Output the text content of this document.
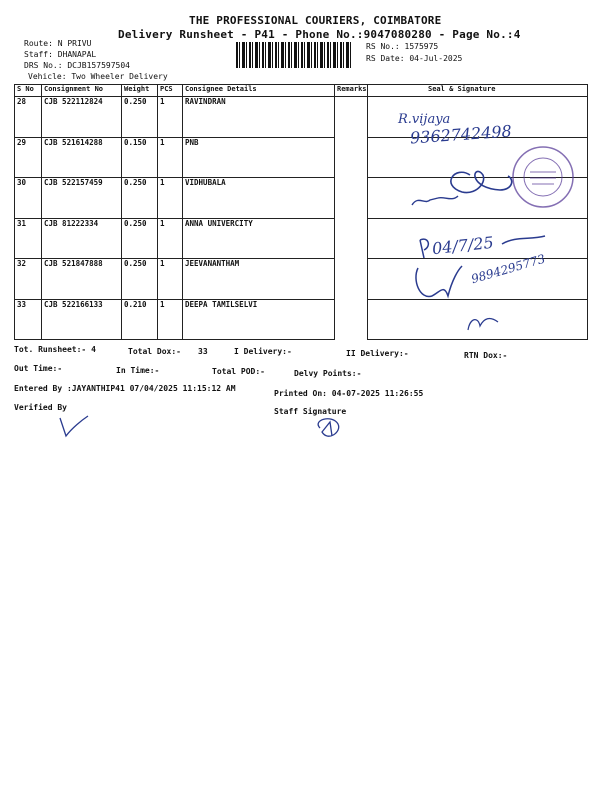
THE PROFESSIONAL COURIERS, COIMBATORE
Delivery Runsheet - P41 - Phone No.:9047080280 - Page No.:4
Route: N PRIVU
Staff: DHANAPAL
DRS No.: DCJB157597504
Vehicle: Two Wheeler Delivery
RS No.: 1575975
RS Date: 04-Jul-2025
S No	Consignment No	Weight	PCS	Consignee Details	Remarks	Seal & Signature
28	CJB 522112824	0.250	1	RAVINDRAN		
29	CJB 521614288	0.150	1	PNB		
30	CJB 522157459	0.250	1	VIDHUBALA		
31	CJB 81222334	0.250	1	ANNA UNIVERCITY		
32	CJB 521847888	0.250	1	JEEVANANTHAM		
33	CJB 522166133	0.210	1	DEEPA TAMILSELVI		
R.vijaya
9362742498
04/7/25
9894295773
Tot. Runsheet:- 4	Total Dox:- 33	I Delivery:-	II Delivery:-	RTN Dox:-
Out Time:-	In Time:-	Total POD:-	Delvy Points:-
Entered By :JAYANTHIP41 07/04/2025 11:15:12 AM
Printed On: 04-07-2025 11:26:55
Verified By	Staff Signature
